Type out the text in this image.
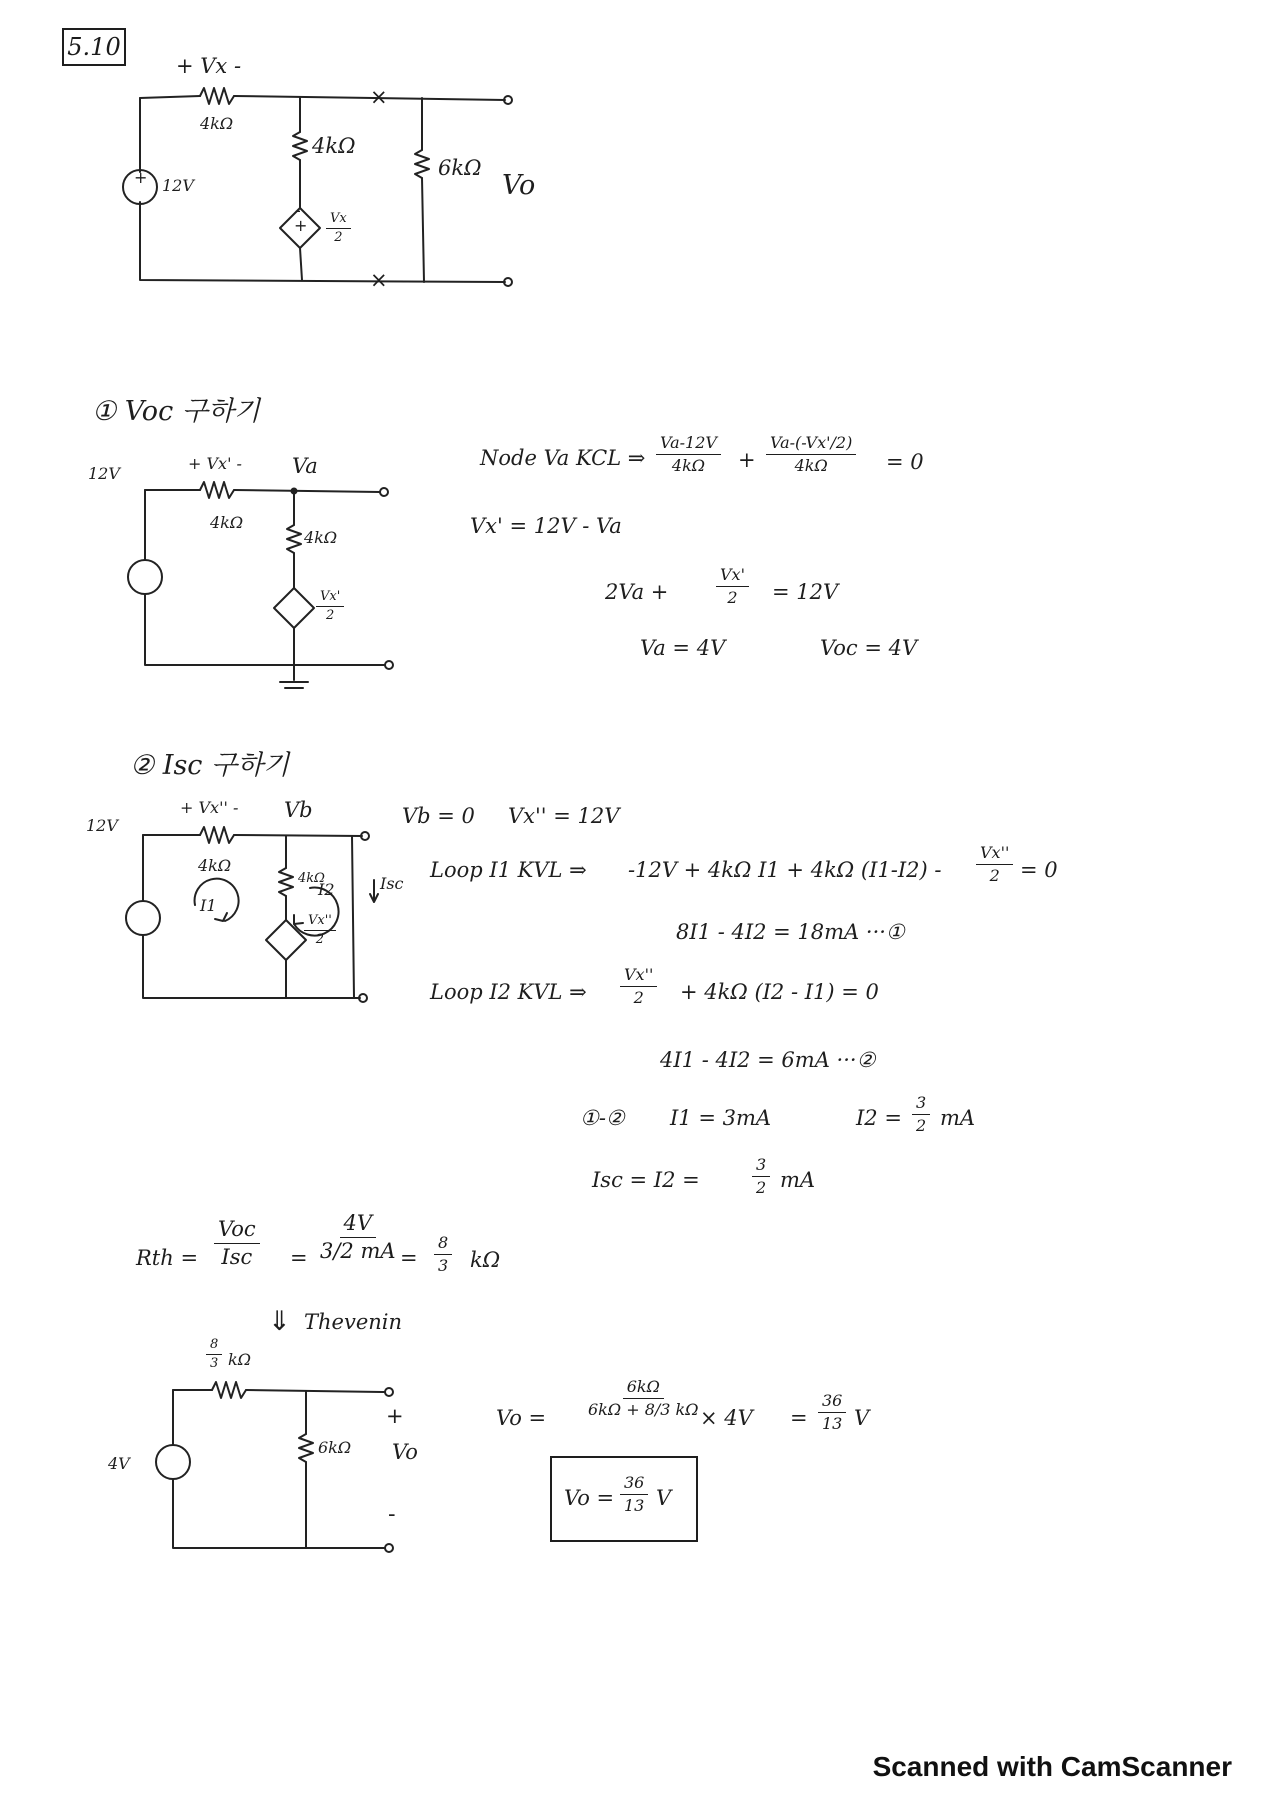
5.10
+ Vx -
4kΩ
4kΩ
6kΩ
Vo
12V
+
+
-
$\frac{Vx}{2}$
×
×
① Voc 구하기
12V
+ Vx' - Va
4kΩ
4kΩ
$\frac{Vx'}{2}$
Node Va KCL ⇒ $\frac{Va-12V}{4k\Omega} + \frac{Va-(-Vx'/2)}{4k\Omega} = 0$
Vx' = 12V - Va
2Va +	$\frac{Vx'}{2} = 12V$
Va = 4V	Voc = 4V
② Isc 구하기
12V
+ Vx'' - Vb
4kΩ
4kΩ
I1
I2
$\frac{Vx''}{2}$
Isc
Vb = 0 Vx'' = 12V
Loop I1 KVL ⇒ -12V + 4kΩ I1 + 4kΩ $(I1-I2) - \frac{Vx''}{2} = 0$
8I1 - 4I2 = 18mA ···①
Loop I2 KVL ⇒ $\frac{Vx''}{2} + 4k\Omega$ (I2 - I1) = 0
4I1 - 4I2 = 6mA ···②
①-② I1 = 3mA	$I2 = \frac{3}{2}$ mA
Isc = I2 =	$\frac{3}{2}$ mA
Rth =
Voc
Isc = $\frac{4V}{3/2 mA} = \frac{8}{3}$ kΩ
⇓ Thevenin
$\frac{8}{3}$ kΩ
4V
6kΩ Vo
+
-
$Vo = \frac{6k\Omega}{6k\Omega + 8/3 k\Omega}$
× $4V = \frac{36}{13}$ V
$Vo = \frac{36}{13}$ V
Scanned with CamScanner
